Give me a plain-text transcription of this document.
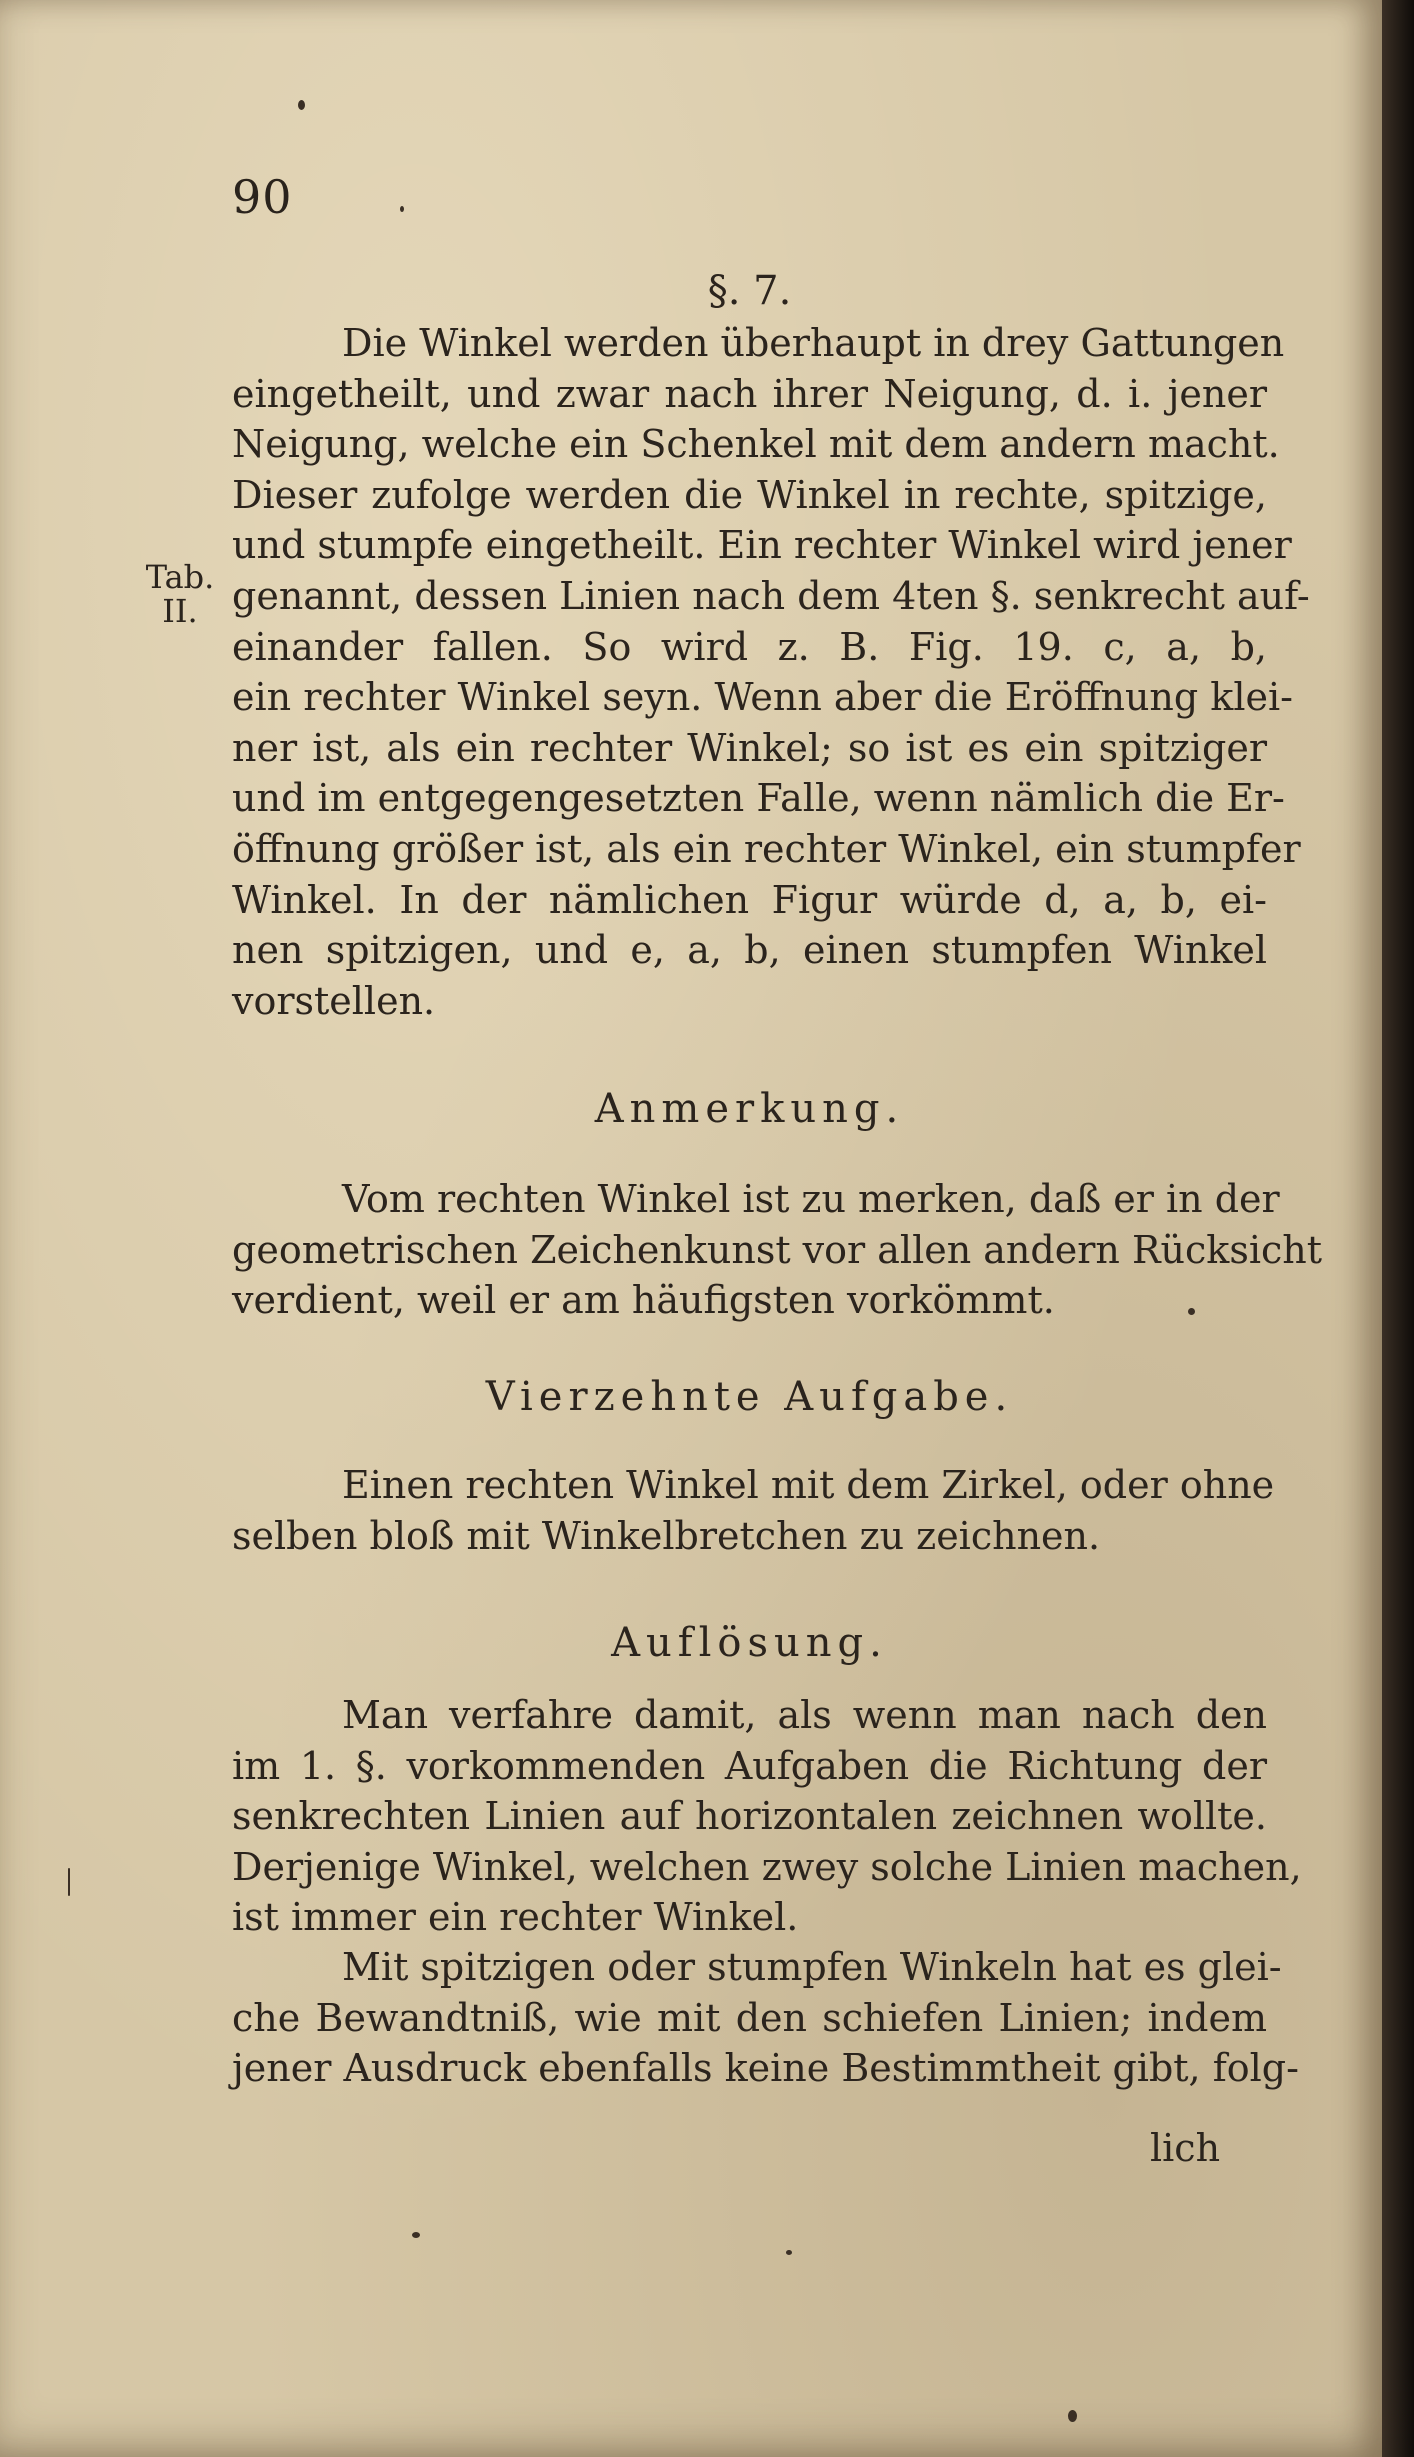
90
§. 7.
Tab.
II.
Die Winkel werden überhaupt in drey Gattungen
eingetheilt, und zwar nach ihrer Neigung, d. i. jener
Neigung, welche ein Schenkel mit dem andern macht.
Dieser zufolge werden die Winkel in rechte, spitzige,
und stumpfe eingetheilt. Ein rechter Winkel wird jener
genannt, dessen Linien nach dem 4ten §. senkrecht auf-
einander fallen. So wird z. B. Fig. 19. c, a, b,
ein rechter Winkel seyn. Wenn aber die Eröffnung klei-
ner ist, als ein rechter Winkel; so ist es ein spitziger
und im entgegengesetzten Falle, wenn nämlich die Er-
öffnung größer ist, als ein rechter Winkel, ein stumpfer
Winkel. In der nämlichen Figur würde d, a, b, ei-
nen spitzigen, und e, a, b, einen stumpfen Winkel
vorstellen.
Anmerkung.
Vom rechten Winkel ist zu merken, daß er in der
geometrischen Zeichenkunst vor allen andern Rücksicht
verdient, weil er am häufigsten vorkömmt.
Vierzehnte Aufgabe.
Einen rechten Winkel mit dem Zirkel, oder ohne
selben bloß mit Winkelbretchen zu zeichnen.
Auflösung.
Man verfahre damit, als wenn man nach den
im 1. §. vorkommenden Aufgaben die Richtung der
senkrechten Linien auf horizontalen zeichnen wollte.
Derjenige Winkel, welchen zwey solche Linien machen,
ist immer ein rechter Winkel.
Mit spitzigen oder stumpfen Winkeln hat es glei-
che Bewandtniß, wie mit den schiefen Linien; indem
jener Ausdruck ebenfalls keine Bestimmtheit gibt, folg-
lich
